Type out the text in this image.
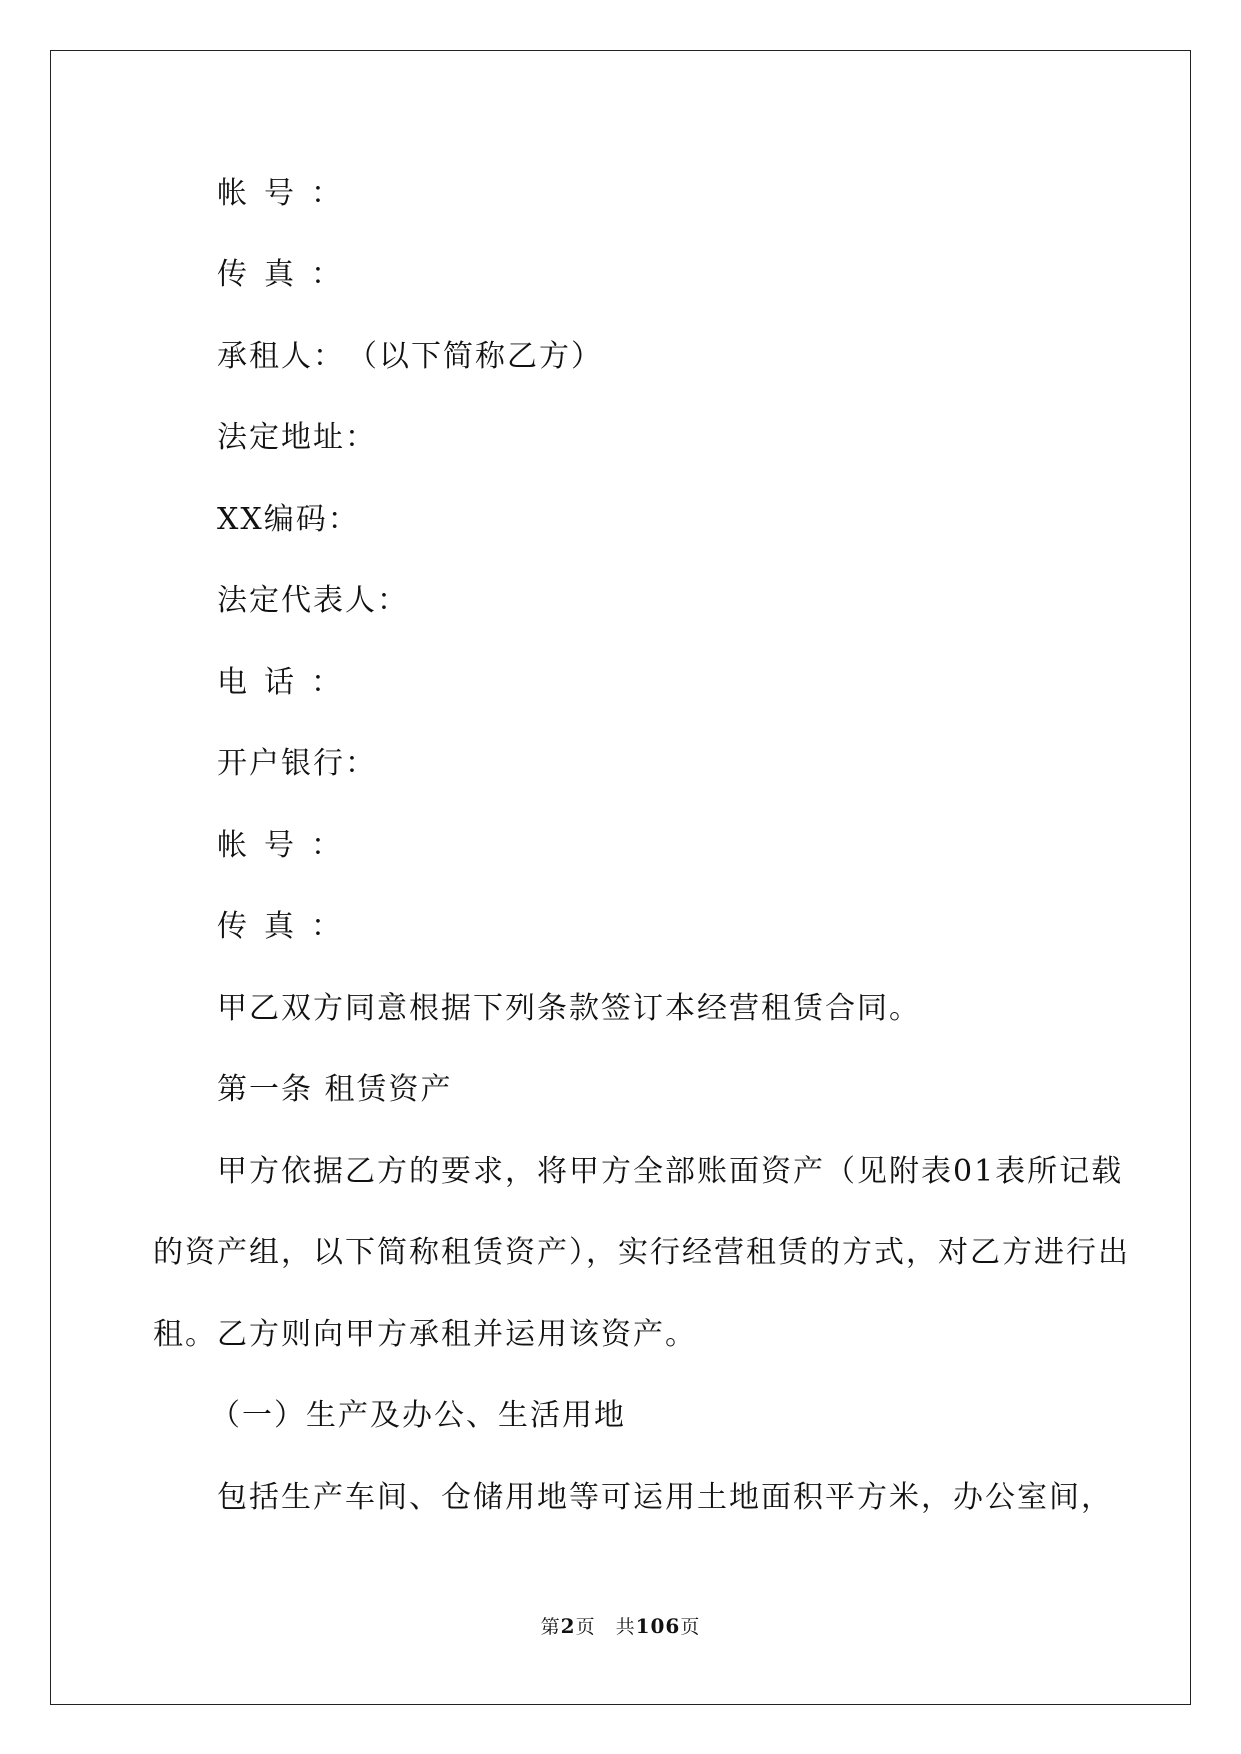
帐号：
传真：
承租人：　（以下简称乙方）
法定地址：
XX编码：
法定代表人：
电话：
开户银行：
帐号：
传真：
甲乙双方同意根据下列条款签订本经营租赁合同。
第一条 租赁资产
甲方依据乙方的要求，将甲方全部账面资产（见附表01表所记载
的资产组，以下简称租赁资产），实行经营租赁的方式，对乙方进行出
租。乙方则向甲方承租并运用该资产。
（一）生产及办公、生活用地
包括生产车间、仓储用地等可运用土地面积平方米，办公室间，
第2页　共106页
